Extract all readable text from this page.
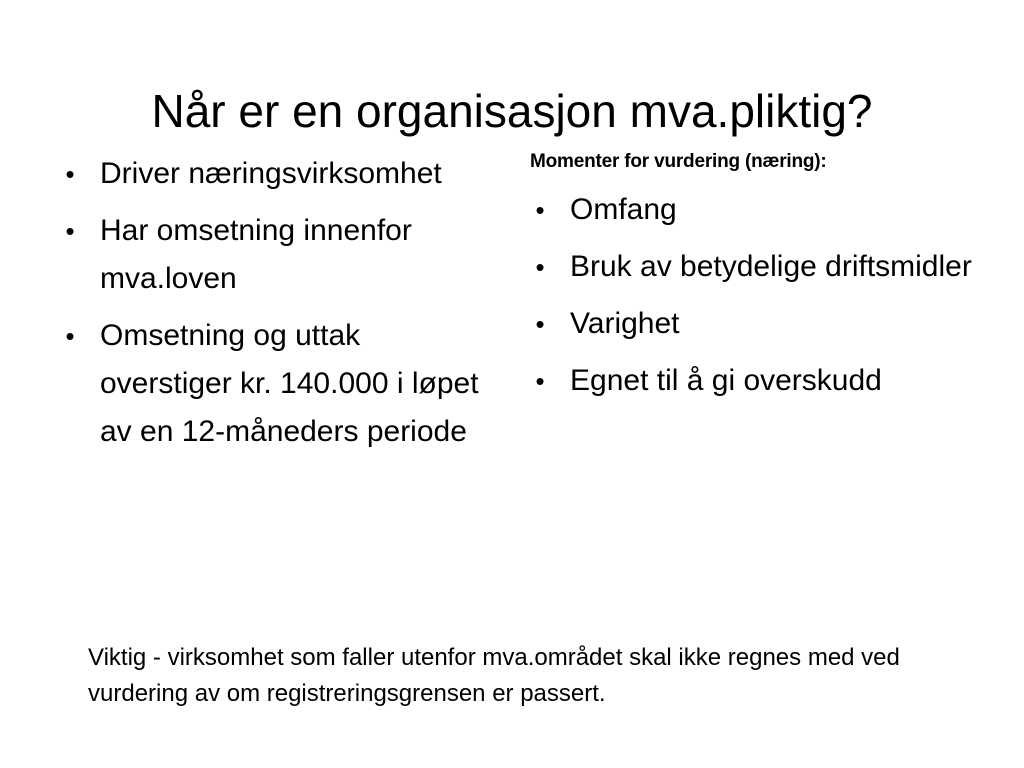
Når er en organisasjon mva.pliktig?
• Driver næringsvirksomhet
• Har omsetning innenfor mva.loven
• Omsetning og uttak overstiger kr. 140.000 i løpet av en 12-måneders periode
Momenter for vurdering (næring):
• Omfang
• Bruk av betydelige driftsmidler
• Varighet
• Egnet til å gi overskudd
Viktig - virksomhet som faller utenfor mva.området skal ikke regnes med ved vurdering av om registreringsgrensen er passert.
